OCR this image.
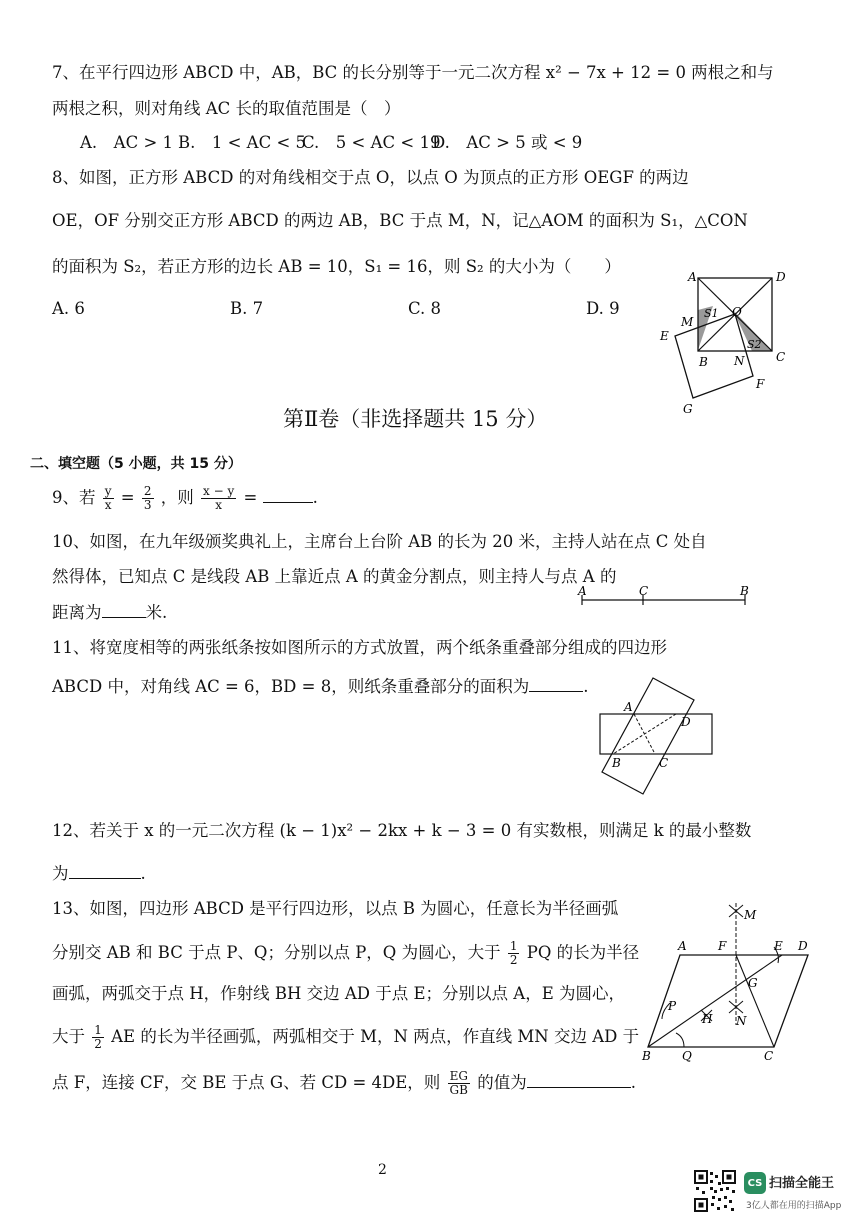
7、在平行四边形 ABCD 中，AB，BC 的长分别等于一元二次方程 x² − 7x + 12 = 0 两根之和与
两根之积，则对角线 AC 长的取值范围是（　）
A.　AC > 1 B.　1 < AC < 5
C.　5 < AC < 19
D.　AC > 5 或 < 9
8、如图，正方形 ABCD 的对角线相交于点 O，以点 O 为顶点的正方形 OEGF 的两边
OE，OF 分别交正方形 ABCD 的两边 AB，BC 于点 M，N，记△AOM 的面积为 S₁，△CON
的面积为 S₂，若正方形的边长 AB = 10，S₁ = 16，则 S₂ 的大小为（　　）
A. 6	B. 7	C. 8	D. 9
A	D
S1 O
M
E
S2
B N	C
F
G
第Ⅱ卷（非选择题共 15 分）
二、填空题（5 小题，共 15 分）
9、若 $\frac{y}{x} = \frac{2}{3}$ ，则 $\frac{x - y}{x}$ =	.
10、如图，在九年级颁奖典礼上，主席台上台阶 AB 的长为 20 米，主持人站在点 C 处自
然得体，已知点 C 是线段 AB 上靠近点 A 的黄金分割点，则主持人与点 A 的
距离为	米.
A	C	B
11、将宽度相等的两张纸条按如图所示的方式放置，两个纸条重叠部分组成的四边形
ABCD 中，对角线 AC = 6，BD = 8，则纸条重叠部分的面积为	.
A
D
B	C
12、若关于 x 的一元二次方程 (k − 1)x² − 2kx + k − 3 = 0 有实数根，则满足 k 的最小整数
为	.
13、如图，四边形 ABCD 是平行四边形，以点 B 为圆心，任意长为半径画弧
分别交 AB 和 BC 于点 P、Q；分别以点 P，Q 为圆心，大于 $\frac{1}{2}$ PQ 的长为半径
画弧，两弧交于点 H，作射线 BH 交边 AD 于点 E；分别以点 A，E 为圆心，
大于 $\frac{1}{2}$ AE 的长为半径画弧，两弧相交于 M，N 两点，作直线 MN 交边 AD 于
点 F，连接 CF，交 BE 于点 G、若 CD = 4DE，则 $\frac{EG}{GB}$ 的值为	.
M
A	F	E D
G
P
H N
B	Q	C
2
CS 扫描全能王
3亿人都在用的扫描App
